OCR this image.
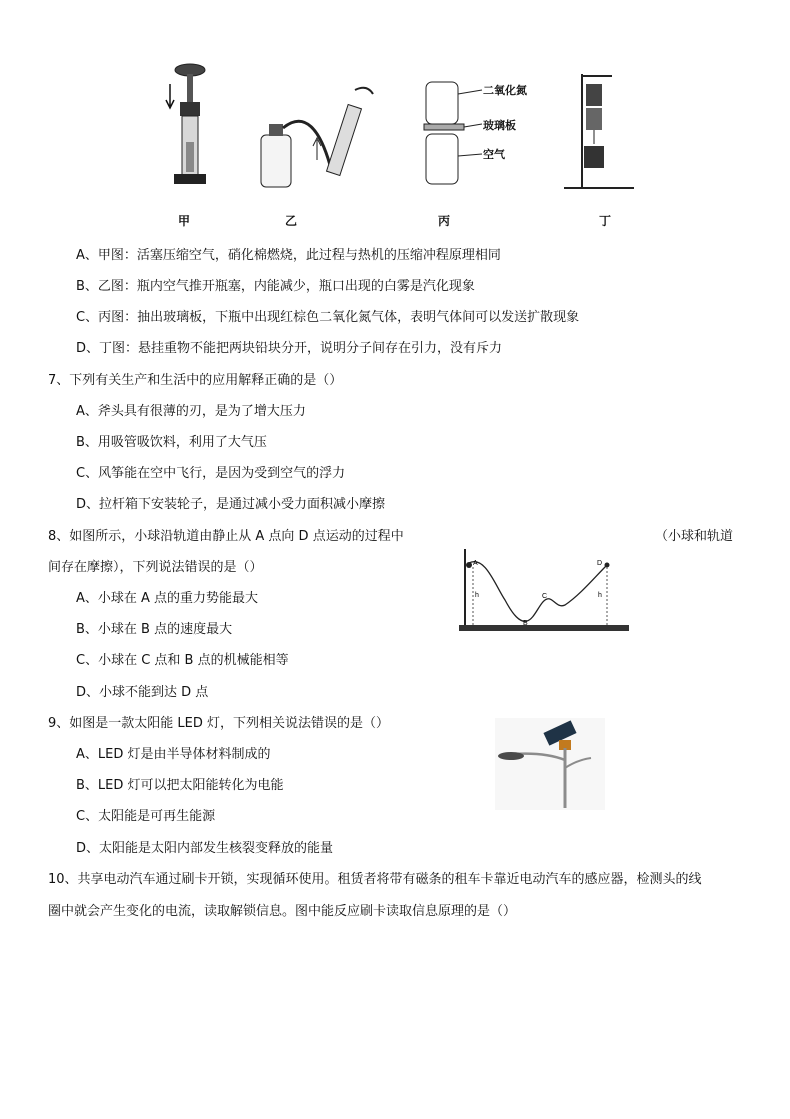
甲	乙
二氧化氮
玻璃板
空气
丙	丁
A、甲图：活塞压缩空气，硝化棉燃烧，此过程与热机的压缩冲程原理相同
B、乙图：瓶内空气推开瓶塞，内能减少，瓶口出现的白雾是汽化现象
C、丙图：抽出玻璃板，下瓶中出现红棕色二氧化氮气体，表明气体间可以发送扩散现象
D、丁图：悬挂重物不能把两块铅块分开，说明分子间存在引力，没有斥力
7、下列有关生产和生活中的应用解释正确的是（）
A、斧头具有很薄的刃，是为了增大压力
B、用吸管吸饮料，利用了大气压
C、风筝能在空中飞行，是因为受到空气的浮力
D、拉杆箱下安装轮子，是通过减小受力面积减小摩擦
8、如图所示，小球沿轨道由静止从 A 点向 D 点运动的过程中	（小球和轨道
间存在摩擦），下列说法错误的是（）
A、小球在 A 点的重力势能最大
B、小球在 B 点的速度最大
C、小球在 C 点和 B 点的机械能相等
D、小球不能到达 D 点
A
B
C
D
h	h
9、如图是一款太阳能 LED 灯，下列相关说法错误的是（）
A、LED 灯是由半导体材料制成的
B、LED 灯可以把太阳能转化为电能
C、太阳能是可再生能源
D、太阳能是太阳内部发生核裂变释放的能量
10、共享电动汽车通过刷卡开锁，实现循环使用。租赁者将带有磁条的租车卡靠近电动汽车的感应器，检测头的线
圈中就会产生变化的电流，读取解锁信息。图中能反应刷卡读取信息原理的是（）
